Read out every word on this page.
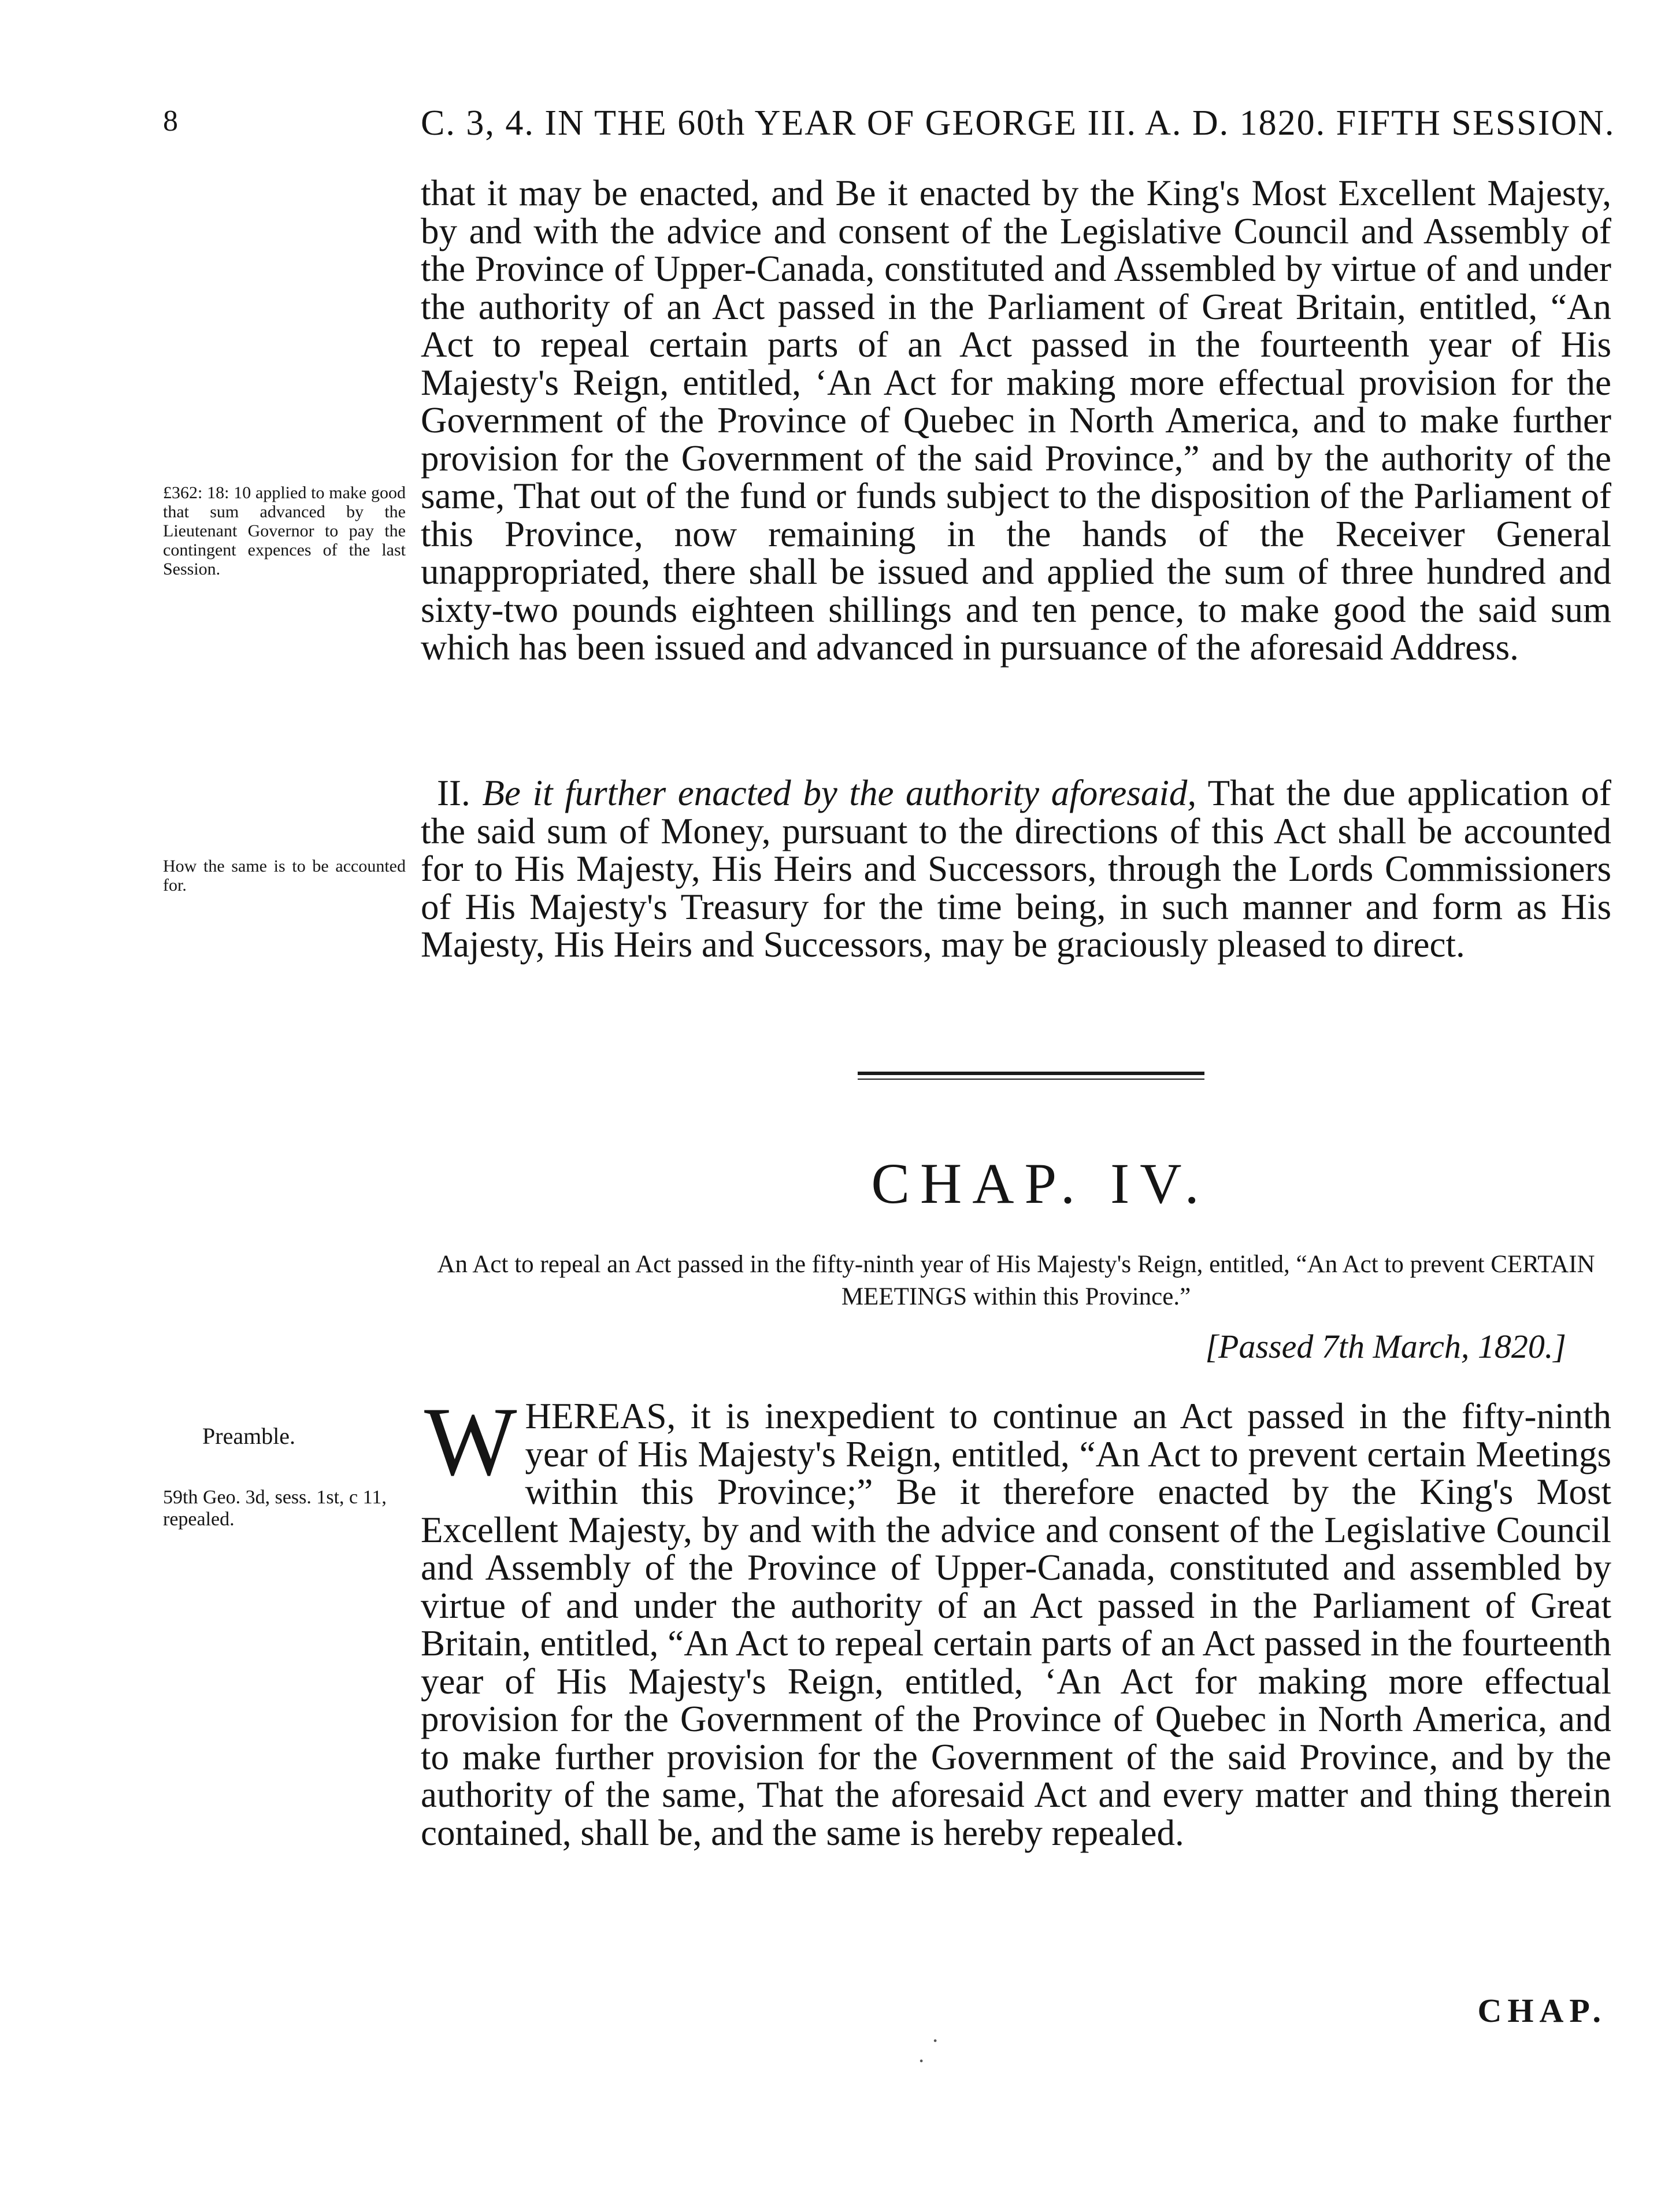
8	C. 3, 4. IN THE 60th YEAR OF GEORGE III. A. D. 1820. FIFTH SESSION.
£362: 18: 10 applied to make good that sum advanced by the Lieutenant Governor to pay the contingent expences of the last Session.
that it may be enacted, and Be it enacted by the King's Most Excellent Majesty, by and with the advice and consent of the Legislative Council and Assembly of the Province of Upper-Canada, constituted and Assembled by virtue of and under the authority of an Act passed in the Parliament of Great Britain, entitled, “An Act to repeal certain parts of an Act passed in the fourteenth year of His Majesty's Reign, entitled, ‘An Act for making more effectual provision for the Government of the Province of Quebec in North America, and to make further provision for the Government of the said Province,” and by the authority of the same, That out of the fund or funds subject to the disposition of the Parliament of this Province, now remaining in the hands of the Receiver General unappropriated, there shall be issued and applied the sum of three hundred and sixty-two pounds eighteen shillings and ten pence, to make good the said sum which has been issued and advanced in pursuance of the aforesaid Address.
How the same is to be accounted for.
II. Be it further enacted by the authority aforesaid, That the due application of the said sum of Money, pursuant to the directions of this Act shall be accounted for to His Majesty, His Heirs and Successors, through the Lords Commissioners of His Majesty's Treasury for the time being, in such manner and form as His Majesty, His Heirs and Successors, may be graciously pleased to direct.
CHAP. IV.
An Act to repeal an Act passed in the fifty-ninth year of His Majesty's Reign, entitled, “An Act to prevent CERTAIN MEETINGS within this Province.”
[Passed 7th March, 1820.]
Preamble.
59th Geo. 3d, sess. 1st, c 11, repealed.
WHEREAS, it is inexpedient to continue an Act passed in the fifty-ninth year of His Majesty's Reign, entitled, “An Act to prevent certain Meetings within this Province;” Be it therefore enacted by the King's Most Excellent Majesty, by and with the advice and consent of the Legislative Council and Assembly of the Province of Upper-Canada, constituted and assembled by virtue of and under the authority of an Act passed in the Parliament of Great Britain, entitled, “An Act to repeal certain parts of an Act passed in the fourteenth year of His Majesty's Reign, entitled, ‘An Act for making more effectual provision for the Government of the Province of Quebec in North America, and to make further provision for the Government of the said Province, and by the authority of the same, That the aforesaid Act and every matter and thing therein contained, shall be, and the same is hereby repealed.
CHAP.
⋅
⋅
